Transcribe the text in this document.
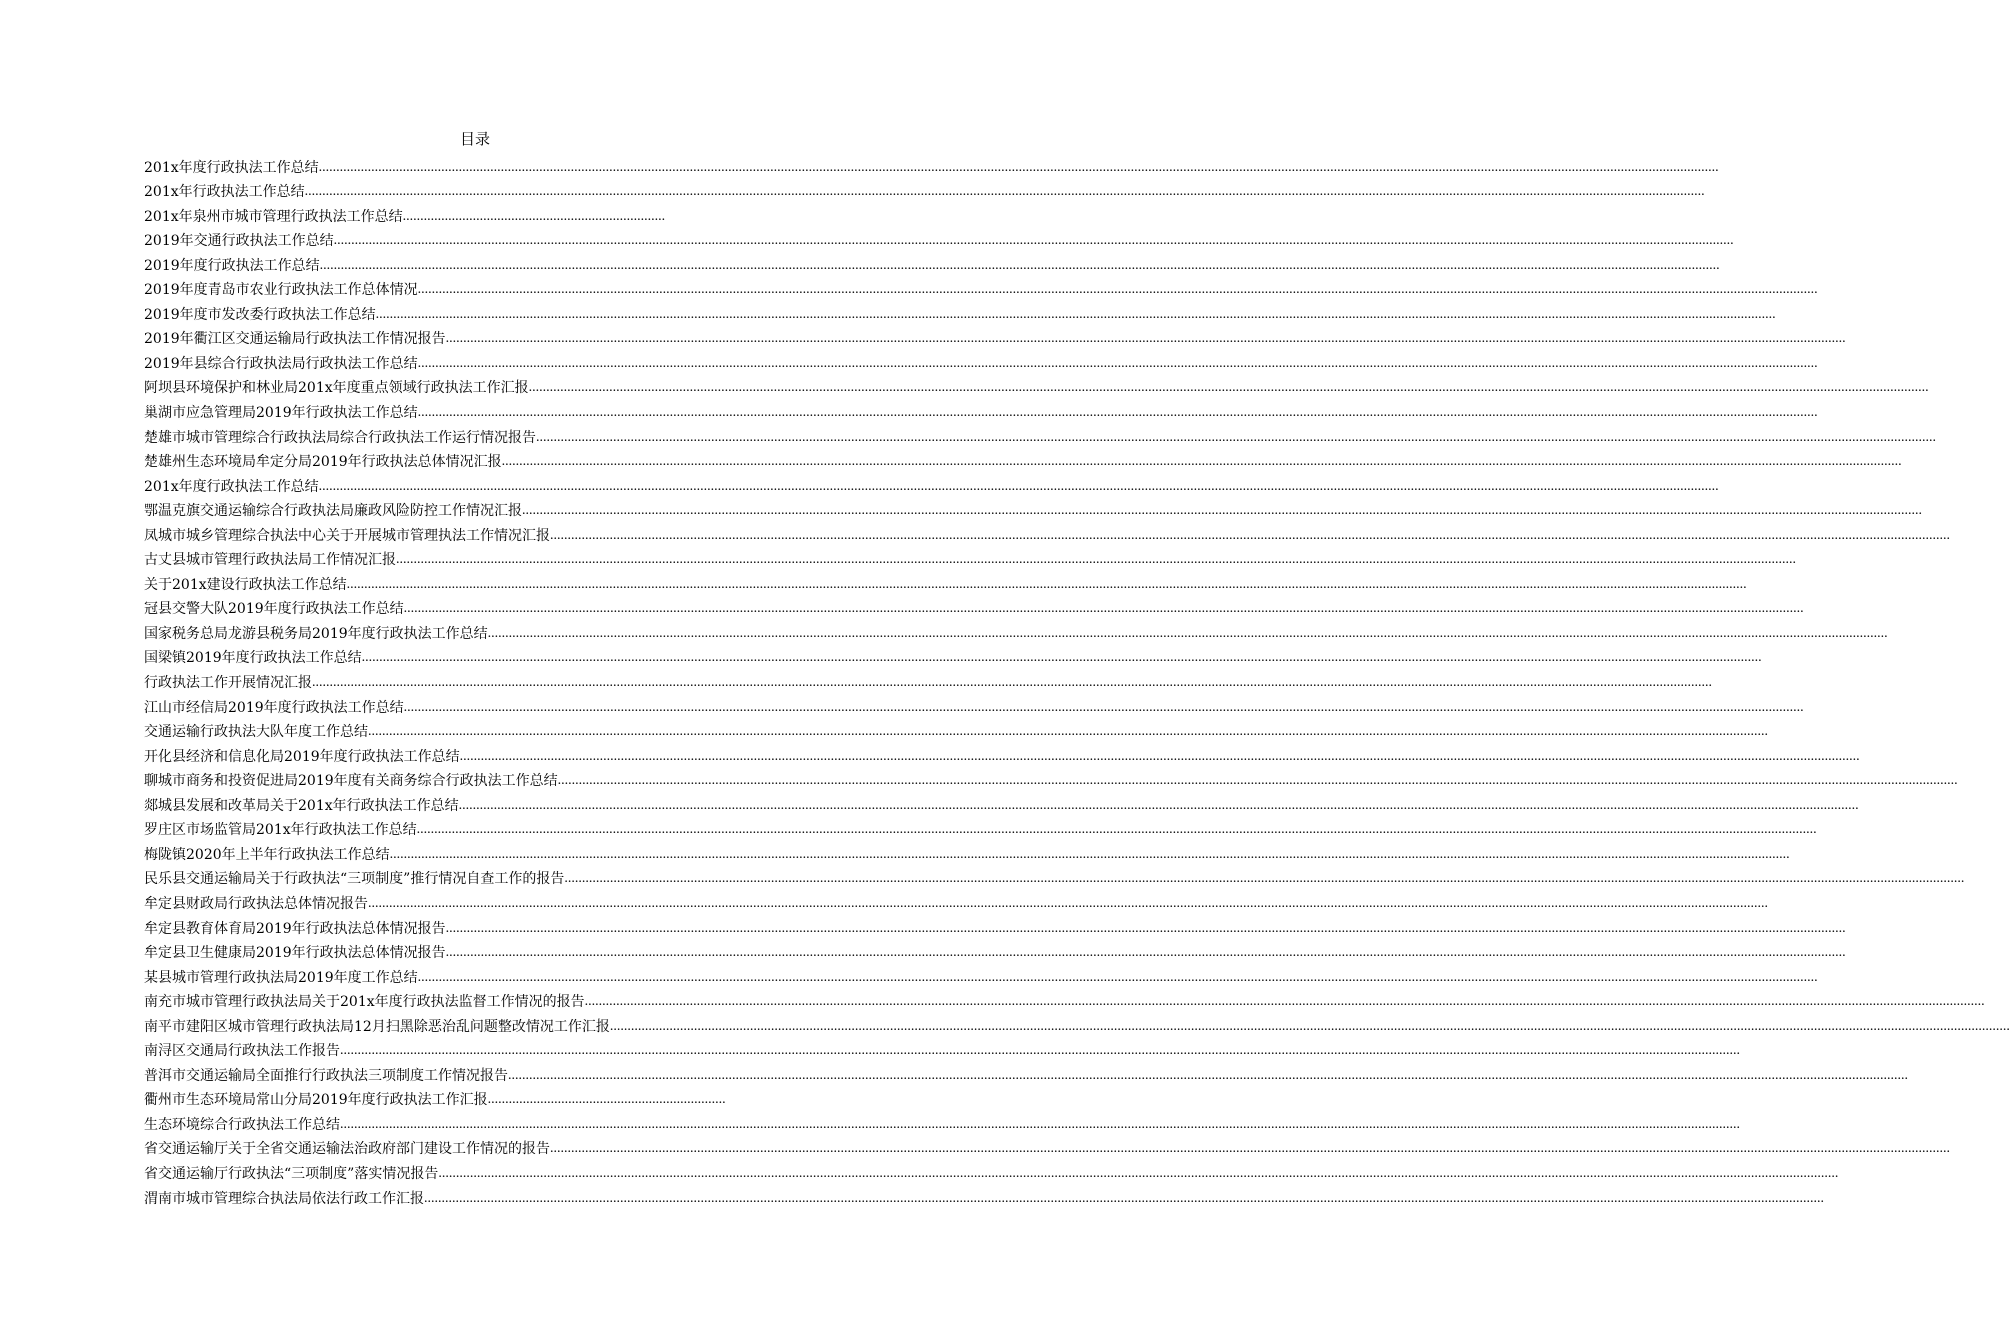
目录
201x年度行政执法工作总结 ................................................................................................................................................................................................................................................................................................................................................................................................................
201x年行政执法工作总结 ................................................................................................................................................................................................................................................................................................................................................................................................................
201x年泉州市城市管理行政执法工作总结 ...........................................................................
2019年交通行政执法工作总结 ................................................................................................................................................................................................................................................................................................................................................................................................................
2019年度行政执法工作总结 ................................................................................................................................................................................................................................................................................................................................................................................................................
2019年度青岛市农业行政执法工作总体情况 ................................................................................................................................................................................................................................................................................................................................................................................................................
2019年度市发改委行政执法工作总结 ................................................................................................................................................................................................................................................................................................................................................................................................................
2019年衢江区交通运输局行政执法工作情况报告 ................................................................................................................................................................................................................................................................................................................................................................................................................
2019年县综合行政执法局行政执法工作总结 ................................................................................................................................................................................................................................................................................................................................................................................................................
阿坝县环境保护和林业局201x年度重点领域行政执法工作汇报 ................................................................................................................................................................................................................................................................................................................................................................................................................
巢湖市应急管理局2019年行政执法工作总结 ................................................................................................................................................................................................................................................................................................................................................................................................................
楚雄市城市管理综合行政执法局综合行政执法工作运行情况报告 ................................................................................................................................................................................................................................................................................................................................................................................................................
楚雄州生态环境局牟定分局2019年行政执法总体情况汇报 ................................................................................................................................................................................................................................................................................................................................................................................................................
201x年度行政执法工作总结 ................................................................................................................................................................................................................................................................................................................................................................................................................
鄂温克旗交通运输综合行政执法局廉政风险防控工作情况汇报 ................................................................................................................................................................................................................................................................................................................................................................................................................
凤城市城乡管理综合执法中心关于开展城市管理执法工作情况汇报 ................................................................................................................................................................................................................................................................................................................................................................................................................
古丈县城市管理行政执法局工作情况汇报 ................................................................................................................................................................................................................................................................................................................................................................................................................
关于201x建设行政执法工作总结 ................................................................................................................................................................................................................................................................................................................................................................................................................
冠县交警大队2019年度行政执法工作总结 ................................................................................................................................................................................................................................................................................................................................................................................................................
国家税务总局龙游县税务局2019年度行政执法工作总结 ................................................................................................................................................................................................................................................................................................................................................................................................................
国梁镇2019年度行政执法工作总结 ................................................................................................................................................................................................................................................................................................................................................................................................................
行政执法工作开展情况汇报 ................................................................................................................................................................................................................................................................................................................................................................................................................
江山市经信局2019年度行政执法工作总结 ................................................................................................................................................................................................................................................................................................................................................................................................................
交通运输行政执法大队年度工作总结 ................................................................................................................................................................................................................................................................................................................................................................................................................
开化县经济和信息化局2019年度行政执法工作总结 ................................................................................................................................................................................................................................................................................................................................................................................................................
聊城市商务和投资促进局2019年度有关商务综合行政执法工作总结 ................................................................................................................................................................................................................................................................................................................................................................................................................
郯城县发展和改革局关于201x年行政执法工作总结 ................................................................................................................................................................................................................................................................................................................................................................................................................
罗庄区市场监管局201x年行政执法工作总结 ................................................................................................................................................................................................................................................................................................................................................................................................................
梅陇镇2020年上半年行政执法工作总结 ................................................................................................................................................................................................................................................................................................................................................................................................................
民乐县交通运输局关于行政执法“三项制度”推行情况自查工作的报告 ................................................................................................................................................................................................................................................................................................................................................................................................................
牟定县财政局行政执法总体情况报告 ................................................................................................................................................................................................................................................................................................................................................................................................................
牟定县教育体育局2019年行政执法总体情况报告 ................................................................................................................................................................................................................................................................................................................................................................................................................
牟定县卫生健康局2019年行政执法总体情况报告 ................................................................................................................................................................................................................................................................................................................................................................................................................
某县城市管理行政执法局2019年度工作总结 ................................................................................................................................................................................................................................................................................................................................................................................................................
南充市城市管理行政执法局关于201x年度行政执法监督工作情况的报告 ................................................................................................................................................................................................................................................................................................................................................................................................................
南平市建阳区城市管理行政执法局12月扫黑除恶治乱问题整改情况工作汇报 ................................................................................................................................................................................................................................................................................................................................................................................................................
南浔区交通局行政执法工作报告 ................................................................................................................................................................................................................................................................................................................................................................................................................
普洱市交通运输局全面推行行政执法三项制度工作情况报告 ................................................................................................................................................................................................................................................................................................................................................................................................................
衢州市生态环境局常山分局2019年度行政执法工作汇报 ....................................................................
生态环境综合行政执法工作总结 ................................................................................................................................................................................................................................................................................................................................................................................................................
省交通运输厅关于全省交通运输法治政府部门建设工作情况的报告 ................................................................................................................................................................................................................................................................................................................................................................................................................
省交通运输厅行政执法“三项制度”落实情况报告 ................................................................................................................................................................................................................................................................................................................................................................................................................
渭南市城市管理综合执法局依法行政工作汇报 ................................................................................................................................................................................................................................................................................................................................................................................................................
